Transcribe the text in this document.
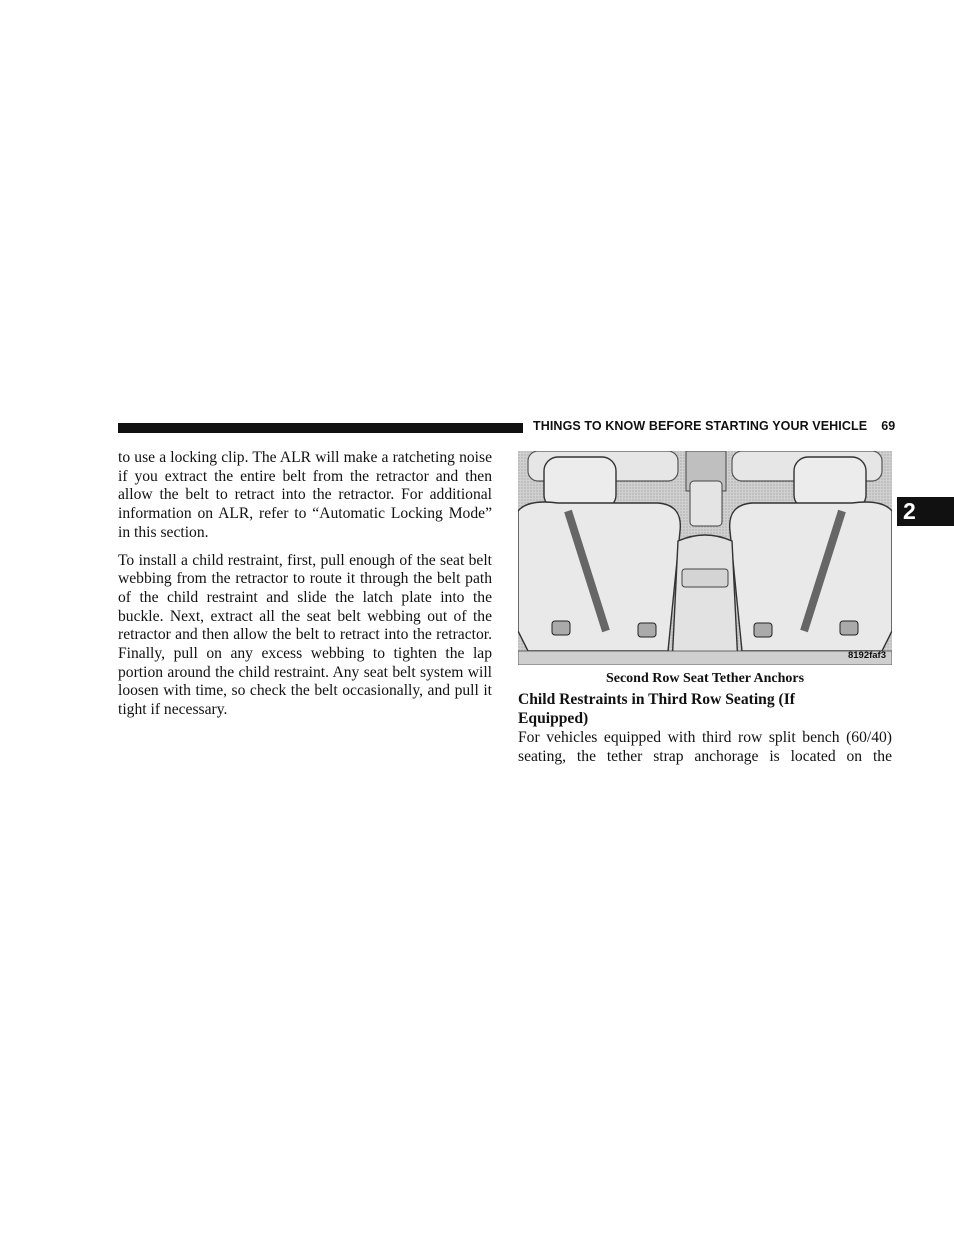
THINGS TO KNOW BEFORE STARTING YOUR VEHICLE 69
2

to use a locking clip. The ALR will make a ratcheting noise if you extract the entire belt from the retractor and then allow the belt to retract into the retractor. For additional information on ALR, refer to “Automatic Locking Mode” in this section.

To install a child restraint, first, pull enough of the seat belt webbing from the retractor to route it through the belt path of the child restraint and slide the latch plate into the buckle. Next, extract all the seat belt webbing out of the retractor and then allow the belt to retract into the retractor. Finally, pull on any excess webbing to tighten the lap portion around the child restraint. Any seat belt system will loosen with time, so check the belt occasionally, and pull it tight if necessary.

8192faf3
Second Row Seat Tether Anchors
Child Restraints in Third Row Seating (If Equipped)

For vehicles equipped with third row split bench (60/40) seating, the tether strap anchorage is located on the
